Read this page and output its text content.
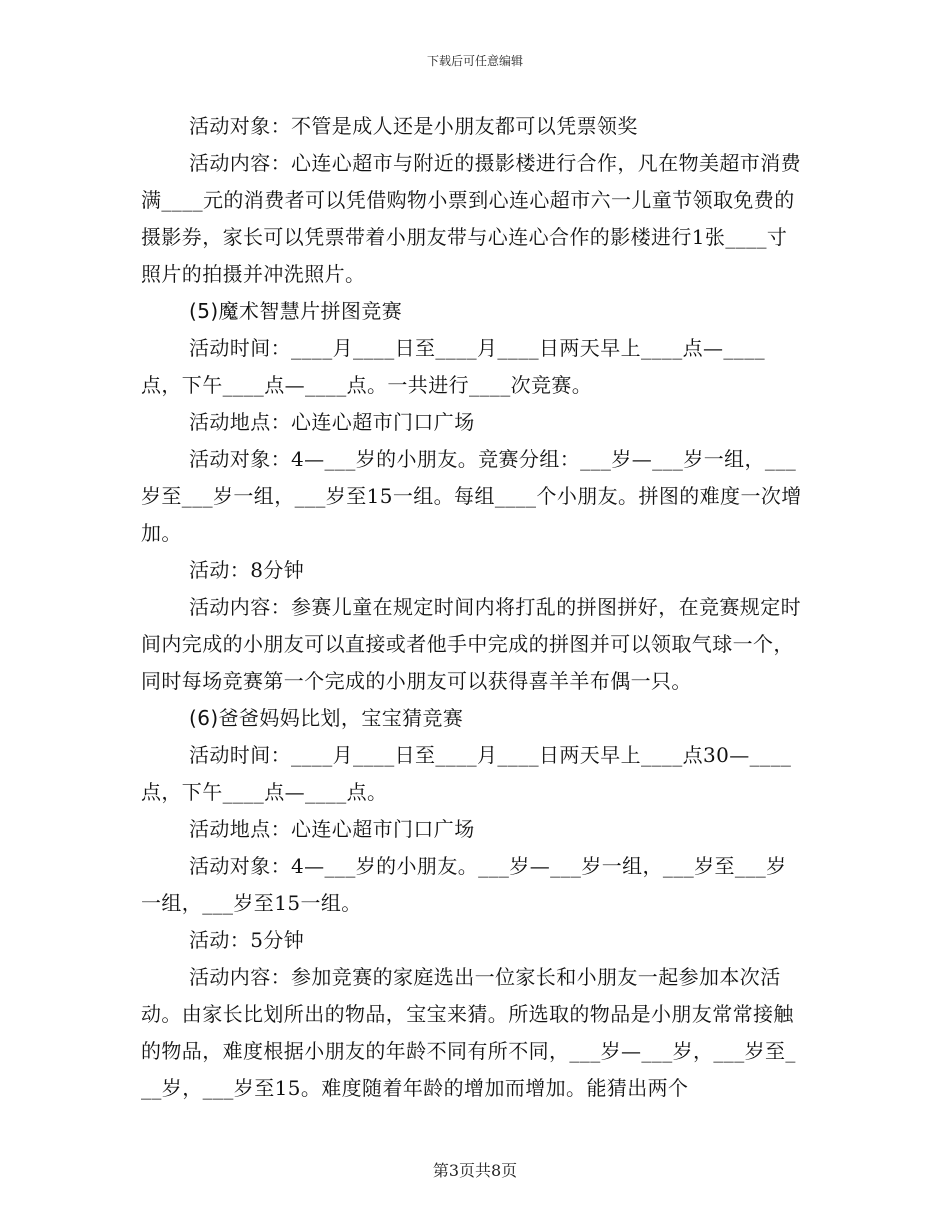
下载后可任意编辑

活动对象：不管是成人还是小朋友都可以凭票领奖

活动内容：心连心超市与附近的摄影楼进行合作，凡在物美超市消费满____元的消费者可以凭借购物小票到心连心超市六一儿童节领取免费的摄影券，家长可以凭票带着小朋友带与心连心合作的影楼进行1张____寸照片的拍摄并冲洗照片。

(5)魔术智慧片拼图竞赛

活动时间：____月____日至____月____日两天早上____点—____点，下午____点—____点。一共进行____次竞赛。

活动地点：心连心超市门口广场

活动对象：4—___岁的小朋友。竞赛分组：___岁—___岁一组，___岁至___岁一组，___岁至15一组。每组____个小朋友。拼图的难度一次增加。

活动：8分钟

活动内容：参赛儿童在规定时间内将打乱的拼图拼好，在竞赛规定时间内完成的小朋友可以直接或者他手中完成的拼图并可以领取气球一个，同时每场竞赛第一个完成的小朋友可以获得喜羊羊布偶一只。

(6)爸爸妈妈比划，宝宝猜竞赛

活动时间：____月____日至____月____日两天早上____点30—____点，下午____点—____点。

活动地点：心连心超市门口广场

活动对象：4—___岁的小朋友。___岁—___岁一组，___岁至___岁一组，___岁至15一组。

活动：5分钟

活动内容：参加竞赛的家庭选出一位家长和小朋友一起参加本次活动。由家长比划所出的物品，宝宝来猜。所选取的物品是小朋友常常接触的物品，难度根据小朋友的年龄不同有所不同，___岁—___岁，___岁至___岁，___岁至15。难度随着年龄的增加而增加。能猜出两个

第3页共8页
